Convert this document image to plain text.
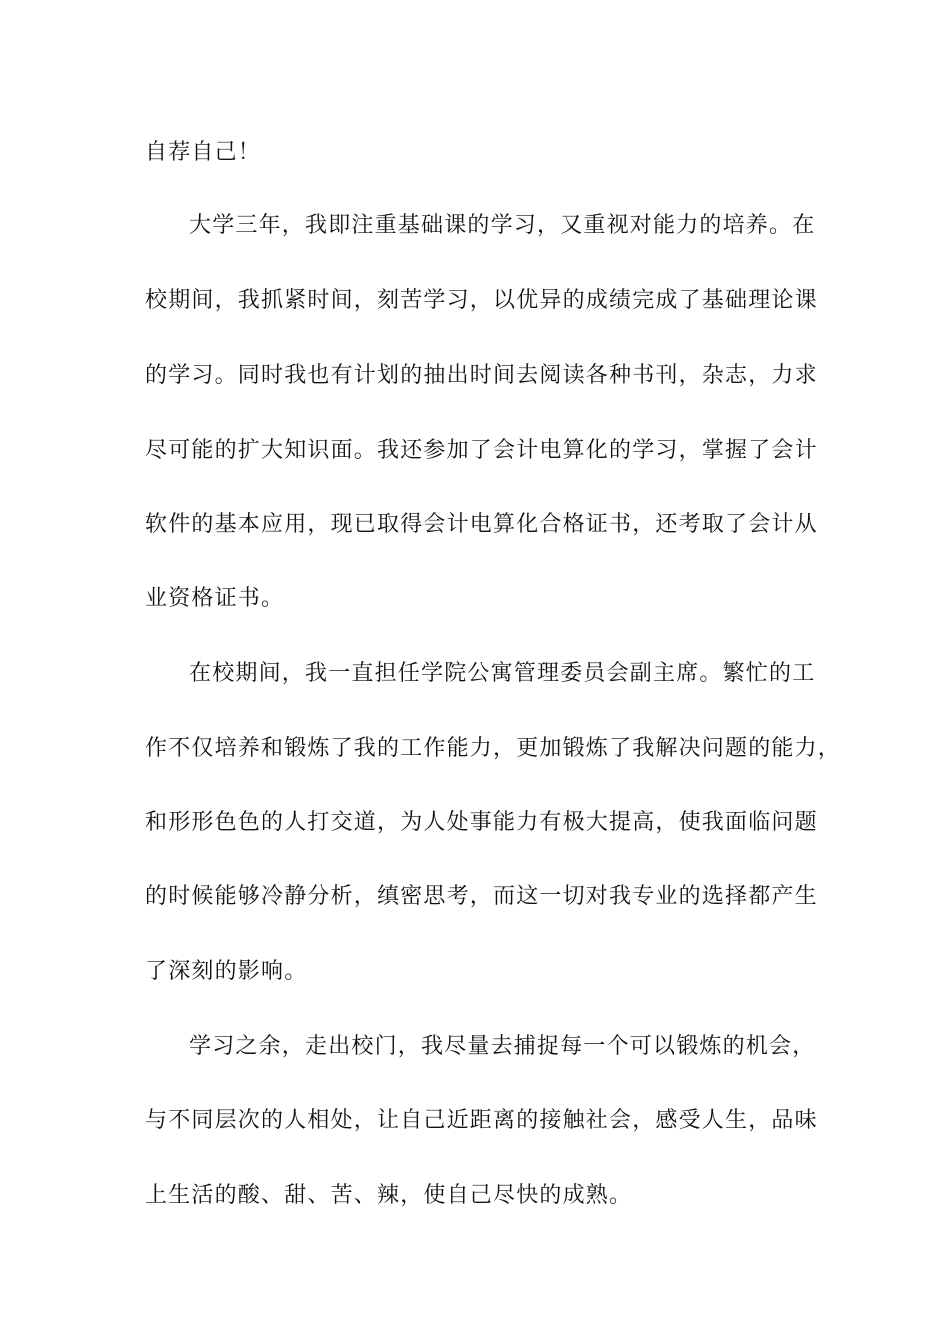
自荐自己！
大学三年，我即注重基础课的学习，又重视对能力的培养。在
校期间，我抓紧时间，刻苦学习，以优异的成绩完成了基础理论课
的学习。同时我也有计划的抽出时间去阅读各种书刊，杂志，力求
尽可能的扩大知识面。我还参加了会计电算化的学习，掌握了会计
软件的基本应用，现已取得会计电算化合格证书，还考取了会计从
业资格证书。
在校期间，我一直担任学院公寓管理委员会副主席。繁忙的工
作不仅培养和锻炼了我的工作能力，更加锻炼了我解决问题的能力，
和形形色色的人打交道，为人处事能力有极大提高，使我面临问题
的时候能够冷静分析，缜密思考，而这一切对我专业的选择都产生
了深刻的影响。
学习之余，走出校门，我尽量去捕捉每一个可以锻炼的机会，
与不同层次的人相处，让自己近距离的接触社会，感受人生，品味
上生活的酸、甜、苦、辣，使自己尽快的成熟。
